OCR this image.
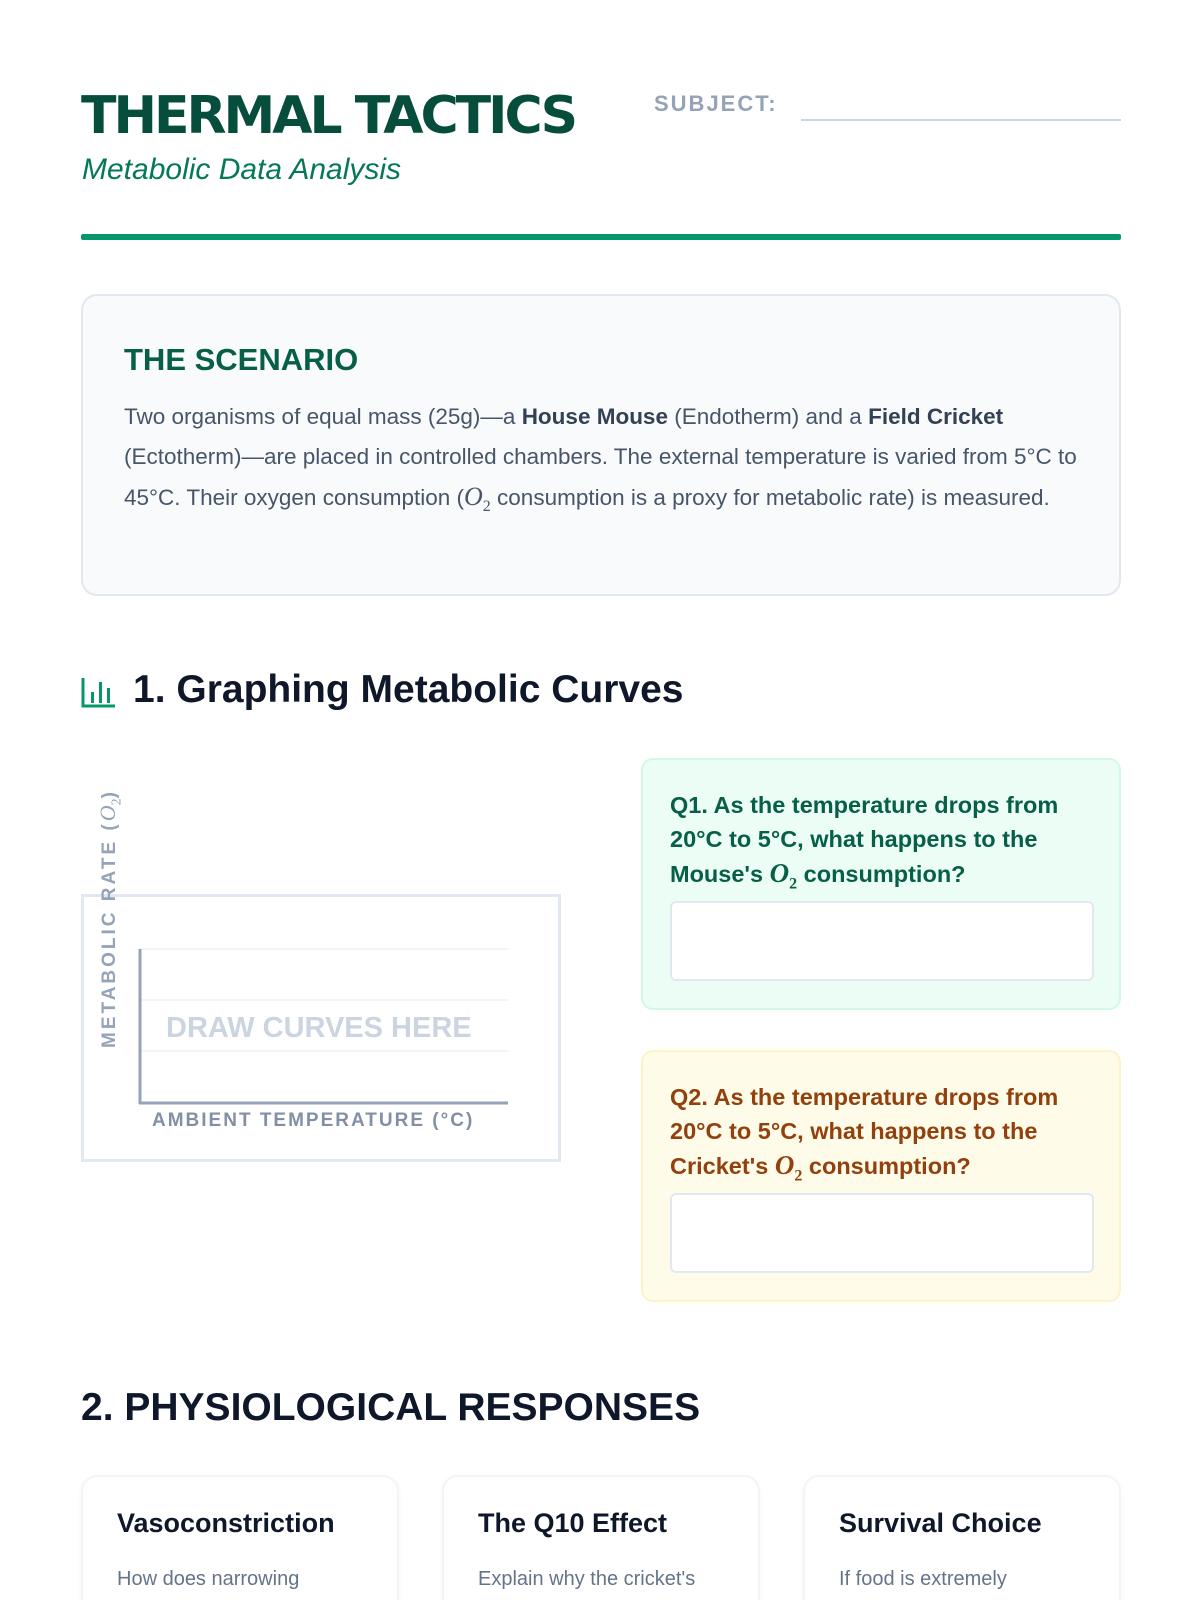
THERMAL TACTICS
Metabolic Data Analysis
SUBJECT:
THE SCENARIO

Two organisms of equal mass (25g)—a House Mouse (Endotherm) and a Field Cricket (Ectotherm)—are placed in controlled chambers. The external temperature is varied from 5°C to 45°C. Their oxygen consumption ($O_2$ consumption is a proxy for metabolic rate) is measured.

1. Graphing Metabolic Curves
METABOLIC RATE $(O_2)$
AMBIENT TEMPERATURE (°C)
DRAW CURVES HERE
Q1. As the temperature drops from 20°C to 5°C, what happens to the Mouse's $O_2$ consumption?
Q2. As the temperature drops from 20°C to 5°C, what happens to the Cricket's $O_2$ consumption?
2. PHYSIOLOGICAL RESPONSES
Vasoconstriction
How does narrowing
The Q10 Effect
Explain why the cricket's
Survival Choice
If food is extremely
